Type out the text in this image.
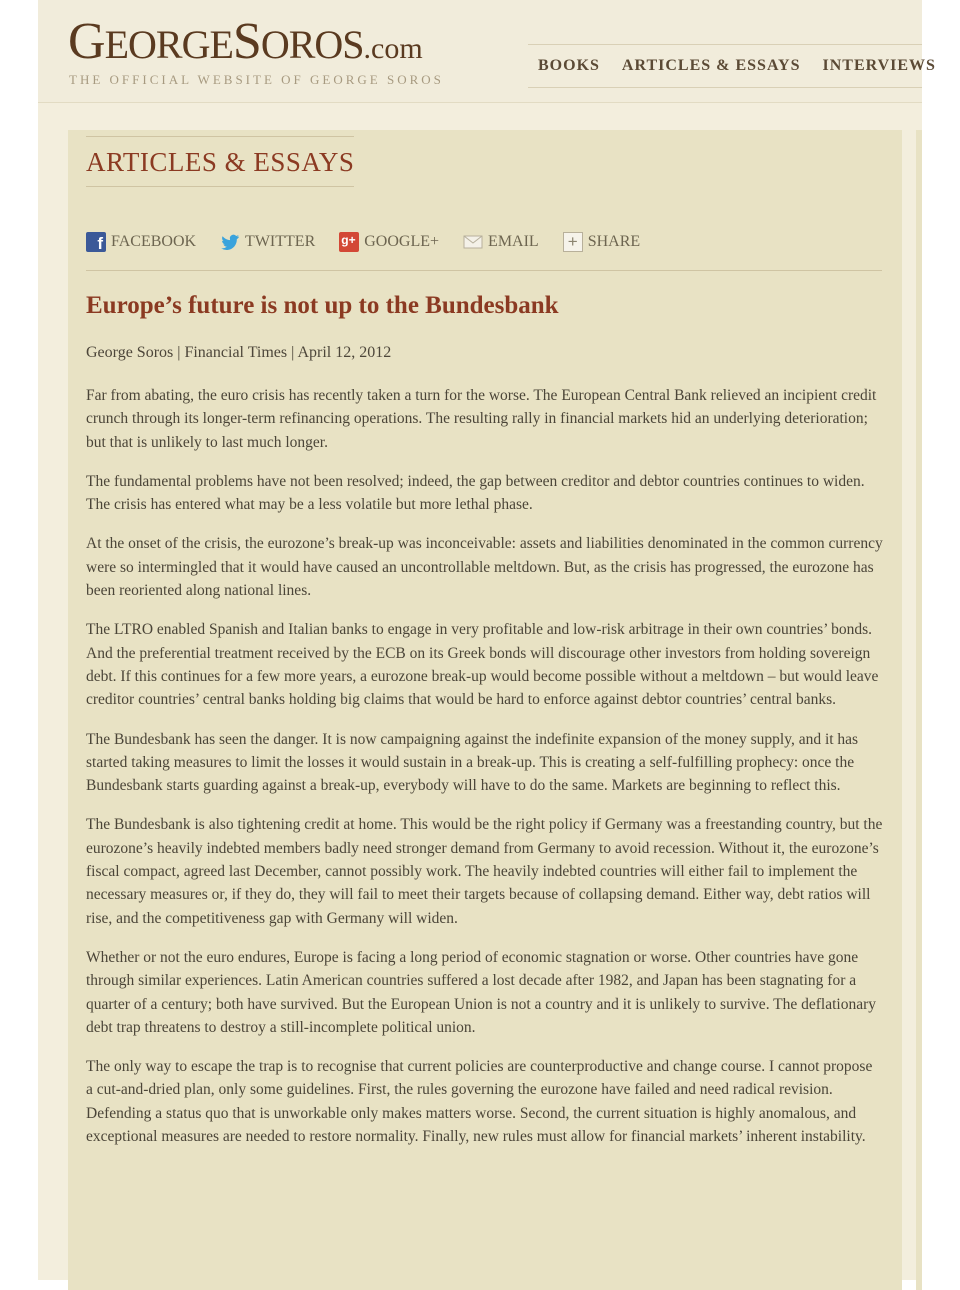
GEORGESOROS.com
THE OFFICIAL WEBSITE OF GEORGE SOROS
BOOKS ARTICLES & ESSAYS INTERVIEWS
ARTICLES & ESSAYS
f
FACEBOOK	TWITTER g+	GOOGLE+	EMAIL +	SHARE
Europe’s future is not up to the Bundesbank
George Soros | Financial Times | April 12, 2012

Far from abating, the euro crisis has recently taken a turn for the worse. The European Central Bank relieved an incipient credit crunch through its longer-term refinancing operations. The resulting rally in financial markets hid an underlying deterioration; but that is unlikely to last much longer.

The fundamental problems have not been resolved; indeed, the gap between creditor and debtor countries continues to widen. The crisis has entered what may be a less volatile but more lethal phase.

At the onset of the crisis, the eurozone’s break-up was inconceivable: assets and liabilities denominated in the common currency were so intermingled that it would have caused an uncontrollable meltdown. But, as the crisis has progressed, the eurozone has been reoriented along national lines.

The LTRO enabled Spanish and Italian banks to engage in very profitable and low-risk arbitrage in their own countries’ bonds. And the preferential treatment received by the ECB on its Greek bonds will discourage other investors from holding sovereign debt. If this continues for a few more years, a eurozone break-up would become possible without a meltdown – but would leave creditor countries’ central banks holding big claims that would be hard to enforce against debtor countries’ central banks.

The Bundesbank has seen the danger. It is now campaigning against the indefinite expansion of the money supply, and it has started taking measures to limit the losses it would sustain in a break-up. This is creating a self-fulfilling prophecy: once the Bundesbank starts guarding against a break-up, everybody will have to do the same. Markets are beginning to reflect this.

The Bundesbank is also tightening credit at home. This would be the right policy if Germany was a freestanding country, but the eurozone’s heavily indebted members badly need stronger demand from Germany to avoid recession. Without it, the eurozone’s fiscal compact, agreed last December, cannot possibly work. The heavily indebted countries will either fail to implement the necessary measures or, if they do, they will fail to meet their targets because of collapsing demand. Either way, debt ratios will rise, and the competitiveness gap with Germany will widen.

Whether or not the euro endures, Europe is facing a long period of economic stagnation or worse. Other countries have gone through similar experiences. Latin American countries suffered a lost decade after 1982, and Japan has been stagnating for a quarter of a century; both have survived. But the European Union is not a country and it is unlikely to survive. The deflationary debt trap threatens to destroy a still-incomplete political union.

The only way to escape the trap is to recognise that current policies are counterproductive and change course. I cannot propose a cut-and-dried plan, only some guidelines. First, the rules governing the eurozone have failed and need radical revision. Defending a status quo that is unworkable only makes matters worse. Second, the current situation is highly anomalous, and exceptional measures are needed to restore normality. Finally, new rules must allow for financial markets’ inherent instability.
